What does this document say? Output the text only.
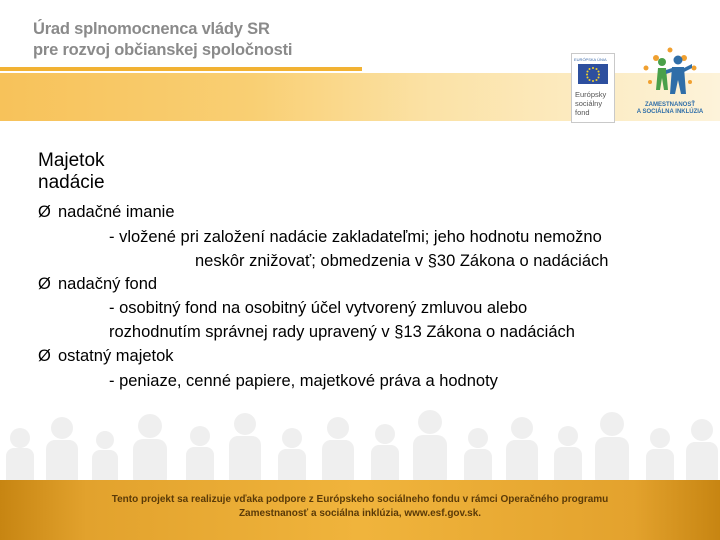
Úrad splnomocnenca vlády SR
pre rozvoj občianskej spoločnosti
EURÓPSKA ÚNIA
Európsky
sociálny
fond
ZAMESTNANOSŤ
A SOCIÁLNA INKLÚZIA
Majetok nadácie
Ø nadačné imanie
- vložené pri založení nadácie zakladateľmi; jeho hodnotu nemožno
neskôr znižovať; obmedzenia v §30 Zákona o nadáciách
Ø nadačný fond
- osobitný fond na osobitný účel vytvorený zmluvou alebo
rozhodnutím správnej rady upravený v §13 Zákona o nadáciách
Ø ostatný majetok
- peniaze, cenné papiere, majetkové práva a hodnoty
Tento projekt sa realizuje vďaka podpore z Európskeho sociálneho fondu v rámci Operačného programu
Zamestnanosť a sociálna inklúzia, www.esf.gov.sk.
